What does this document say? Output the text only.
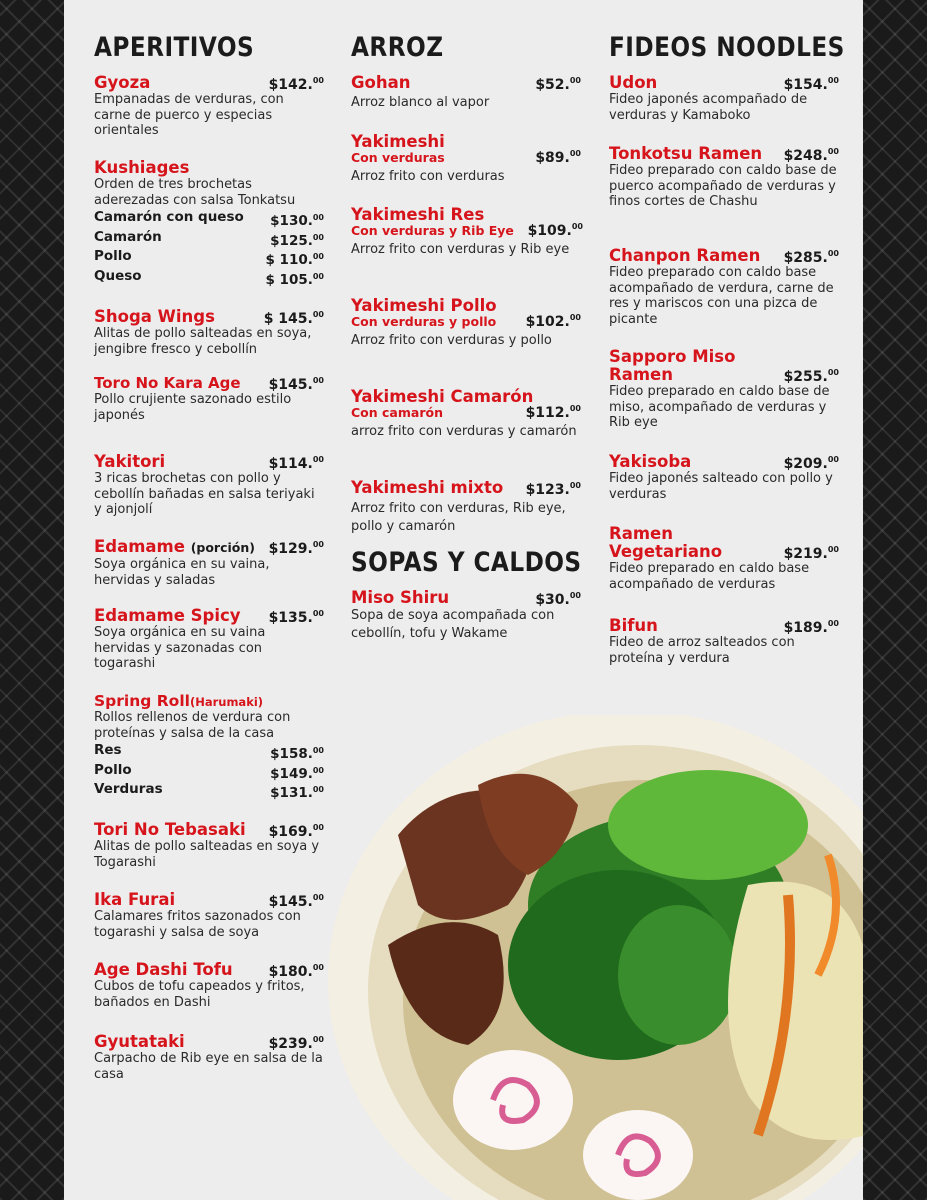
APERITIVOS
Gyoza	$142.00
Empanadas de verduras, con carne de puerco y especias orientales
Kushiages
Orden de tres brochetas aderezadas con salsa Tonkatsu
Camarón con queso $130.00
Camarón	$125.00
Pollo	$ 110.00
Queso	$ 105.00
Shoga Wings	$ 145.00
Alitas de pollo salteadas en soya, jengibre fresco y cebollín
Toro No Kara Age	$145.00
Pollo crujiente sazonado estilo japonés
Yakitori	$114.00
3 ricas brochetas con pollo y cebollín bañadas en salsa teriyaki y ajonjolí
Edamame (porción) $129.00
Soya orgánica en su vaina, hervidas y saladas
Edamame Spicy	$135.00
Soya orgánica en su vaina hervidas y sazonadas con togarashi
Spring Roll(Harumaki)
Rollos rellenos de verdura con proteínas y salsa de la casa
Res	$158.00
Pollo	$149.00
Verduras	$131.00
Tori No Tebasaki	$169.00
Alitas de pollo salteadas en soya y Togarashi
Ika Furai	$145.00
Calamares fritos sazonados con togarashi y salsa de soya
Age Dashi Tofu	$180.00
Cubos de tofu capeados y fritos, bañados en Dashi
Gyutataki	$239.00
Carpacho de Rib eye en salsa de la casa
ARROZ
Gohan	$52.00
Arroz blanco al vapor
Yakimeshi
Con verduras	$89.00
Arroz frito con verduras
Yakimeshi Res
Con verduras y Rib Eye $109.00
Arroz frito con verduras y Rib eye
Yakimeshi Pollo
Con verduras y pollo	$102.00
Arroz frito con verduras y pollo
Yakimeshi Camarón
Con camarón	$112.00
arroz frito con verduras y camarón
Yakimeshi mixto	$123.00
Arroz frito con verduras, Rib eye, pollo y camarón
SOPAS Y CALDOS
Miso Shiru	$30.00
Sopa de soya acompañada con cebollín, tofu y Wakame
FIDEOS NOODLES
Udon	$154.00
Fideo japonés acompañado de verduras y Kamaboko
Tonkotsu Ramen	$248.00
Fideo preparado con caldo base de puerco acompañado de verduras y finos cortes de Chashu
Chanpon Ramen	$285.00
Fideo preparado con caldo base acompañado de verdura, carne de res y mariscos con una pizca de picante
Sapporo Miso Ramen	$255.00
Fideo preparado en caldo base de miso, acompañado de verduras y Rib eye
Yakisoba	$209.00
Fideo japonés salteado con pollo y verduras
Ramen Vegetariano	$219.00
Fideo preparado en caldo base acompañado de verduras
Bifun	$189.00
Fideo de arroz salteados con proteína y verdura
